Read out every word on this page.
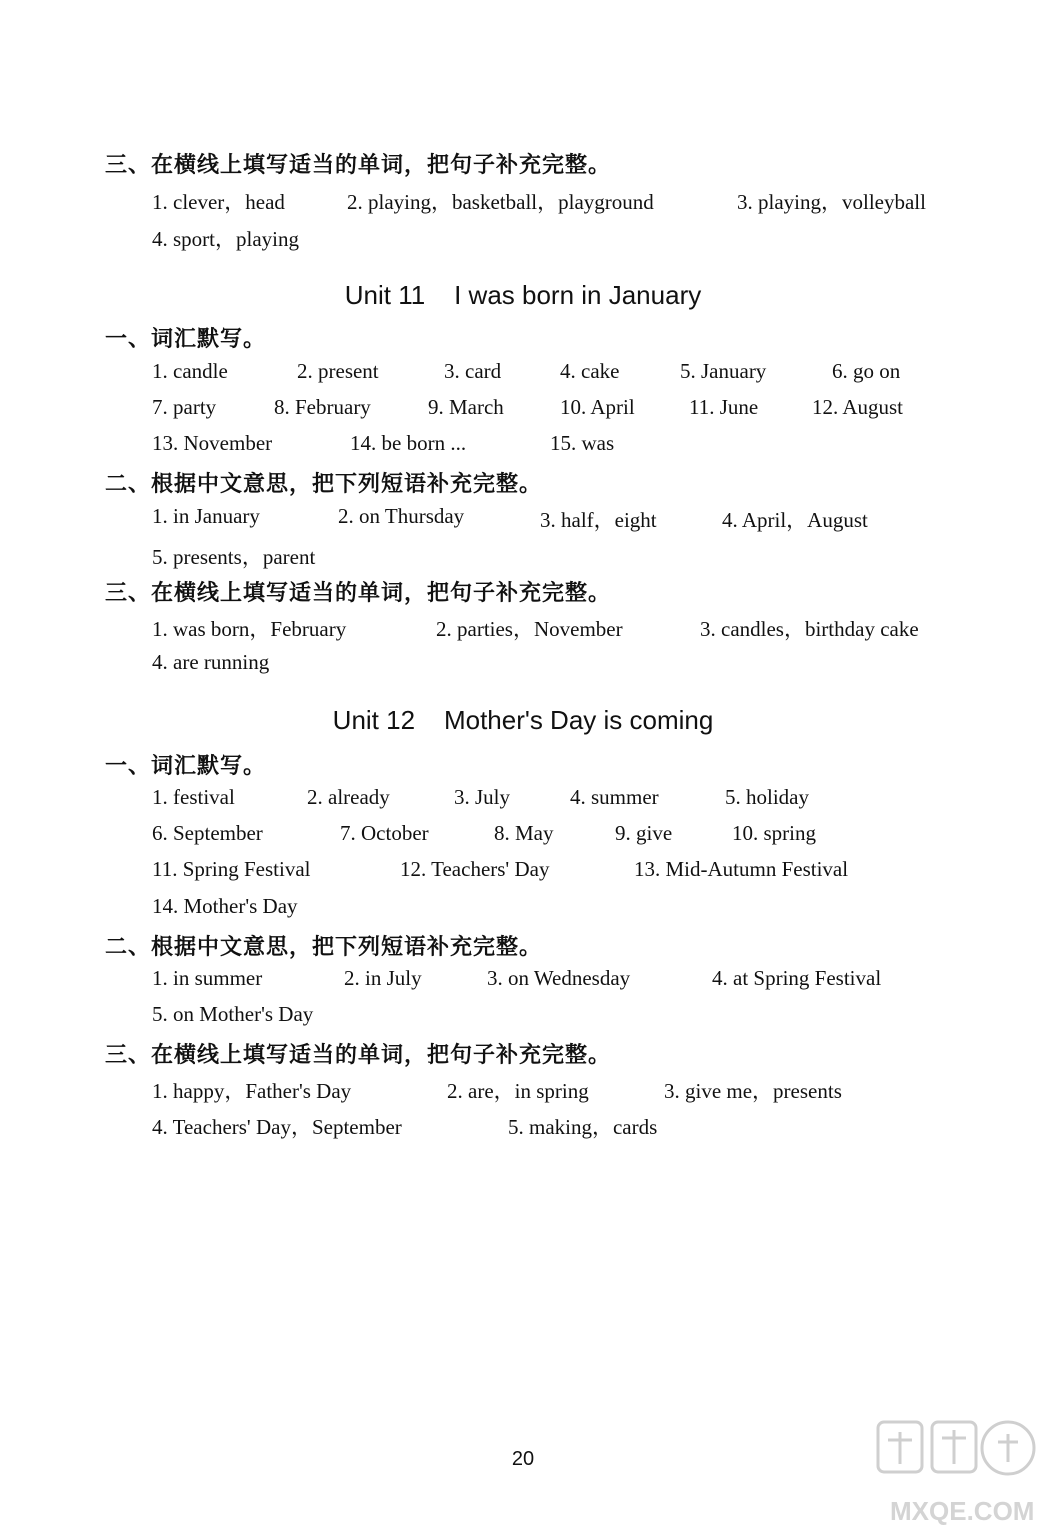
三、在横线上填写适当的单词，把句子补充完整。
1. clever，head	2. playing，basketball，playground	3. playing，volleyball
4. sport，playing
Unit 11    I was born in January
一、词汇默写。
1. candle	2. present	3. card	4. cake	5. January	6. go on
7. party	8. February	9. March	10. April	11. June	12. August
13. November	14. be born ...	15. was
二、根据中文意思，把下列短语补充完整。
1. in January	2. on Thursday	3. half，eight	4. April，August
5. presents，parent
三、在横线上填写适当的单词，把句子补充完整。
1. was born，February	2. parties，November	3. candles，birthday cake
4. are running
Unit 12    Mother's Day is coming
一、词汇默写。
1. festival	2. already	3. July	4. summer	5. holiday
6. September	7. October	8. May	9. give	10. spring
11. Spring Festival	12. Teachers' Day	13. Mid-Autumn Festival
14. Mother's Day
二、根据中文意思，把下列短语补充完整。
1. in summer	2. in July	3. on Wednesday	4. at Spring Festival
5. on Mother's Day
三、在横线上填写适当的单词，把句子补充完整。
1. happy，Father's Day	2. are，in spring	3. give me，presents
4. Teachers' Day，September	5. making，cards
20
MXQE.COM
